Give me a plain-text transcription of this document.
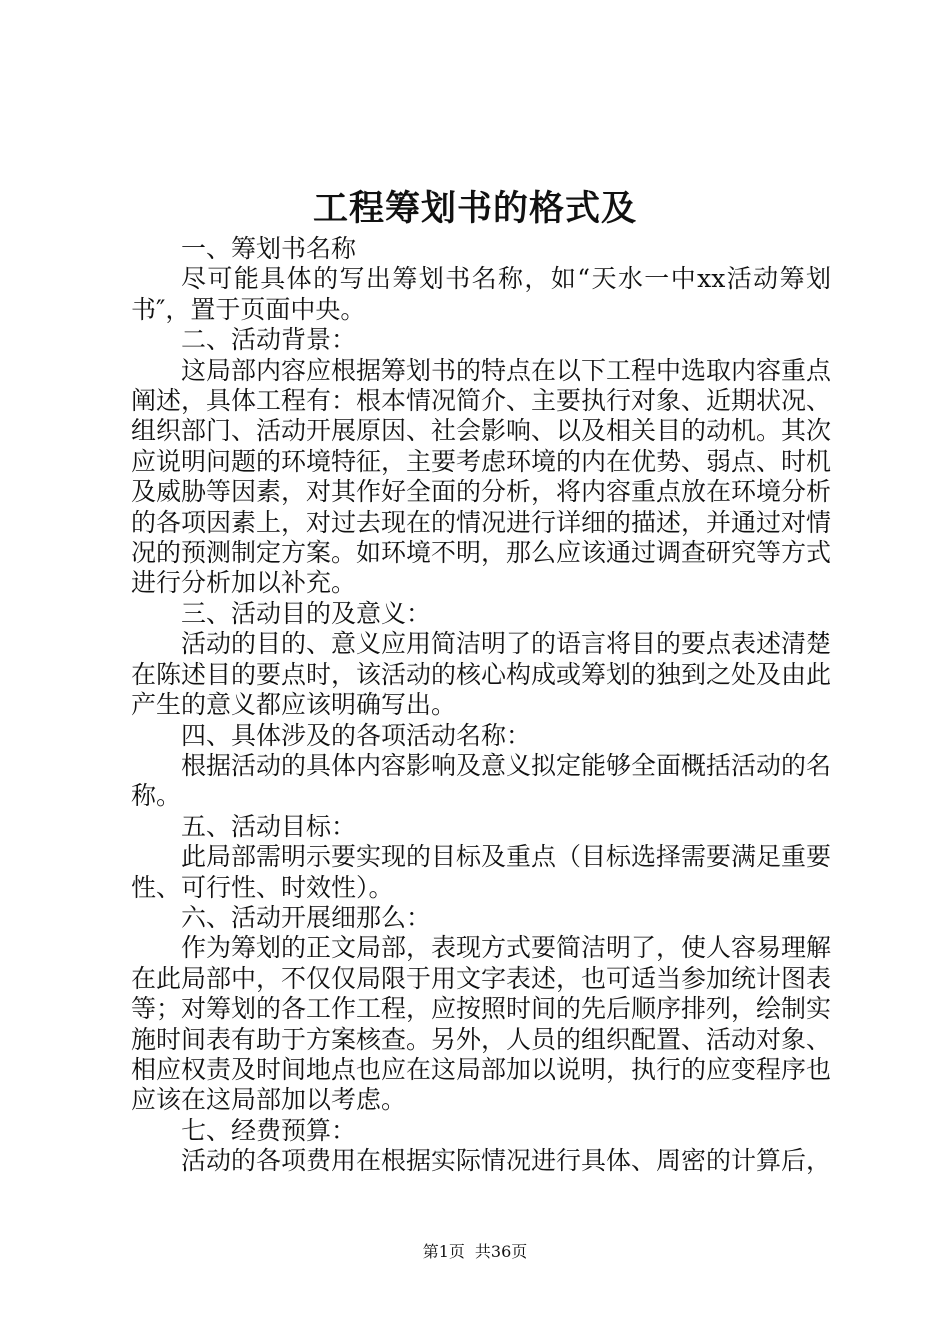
工程筹划书的格式及

一、筹划书名称

尽可能具体的写出筹划书名称，如“天水一中xx活动筹划书″，置于页面中央。

二、活动背景：

这局部内容应根据筹划书的特点在以下工程中选取内容重点阐述，具体工程有：根本情况简介、主要执行对象、近期状况、组织部门、活动开展原因、社会影响、以及相关目的动机。其次应说明问题的环境特征，主要考虑环境的内在优势、弱点、时机及威胁等因素，对其作好全面的分析，将内容重点放在环境分析的各项因素上，对过去现在的情况进行详细的描述，并通过对情况的预测制定方案。如环境不明，那么应该通过调查研究等方式进行分析加以补充。

三、活动目的及意义：

活动的目的、意义应用简洁明了的语言将目的要点表述清楚在陈述目的要点时，该活动的核心构成或筹划的独到之处及由此产生的意义都应该明确写出。

四、具体涉及的各项活动名称：

根据活动的具体内容影响及意义拟定能够全面概括活动的名称。

五、活动目标：

此局部需明示要实现的目标及重点（目标选择需要满足重要性、可行性、时效性）。

六、活动开展细那么：

作为筹划的正文局部，表现方式要简洁明了，使人容易理解在此局部中，不仅仅局限于用文字表述，也可适当参加统计图表等；对筹划的各工作工程，应按照时间的先后顺序排列，绘制实施时间表有助于方案核查。另外，人员的组织配置、活动对象、相应权责及时间地点也应在这局部加以说明，执行的应变程序也应该在这局部加以考虑。

七、经费预算：

活动的各项费用在根据实际情况进行具体、周密的计算后，

第1页 共36页
